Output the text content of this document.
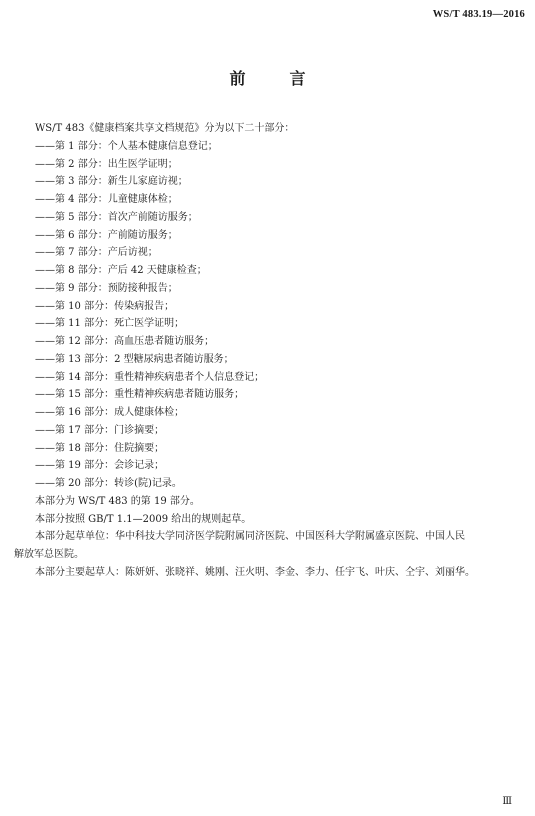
WS/T 483.19—2016
前　言
WS/T 483《健康档案共享文档规范》分为以下二十部分：
——第 1 部分：个人基本健康信息登记；
——第 2 部分：出生医学证明；
——第 3 部分：新生儿家庭访视；
——第 4 部分：儿童健康体检；
——第 5 部分：首次产前随访服务；
——第 6 部分：产前随访服务；
——第 7 部分：产后访视；
——第 8 部分：产后 42 天健康检查；
——第 9 部分：预防接种报告；
——第 10 部分：传染病报告；
——第 11 部分：死亡医学证明；
——第 12 部分：高血压患者随访服务；
——第 13 部分：2 型糖尿病患者随访服务；
——第 14 部分：重性精神疾病患者个人信息登记；
——第 15 部分：重性精神疾病患者随访服务；
——第 16 部分：成人健康体检；
——第 17 部分：门诊摘要；
——第 18 部分：住院摘要；
——第 19 部分：会诊记录；
——第 20 部分：转诊(院)记录。
本部分为 WS/T 483 的第 19 部分。
本部分按照 GB/T 1.1—2009 给出的规则起草。
本部分起草单位：华中科技大学同济医学院附属同济医院、中国医科大学附属盛京医院、中国人民
解放军总医院。
本部分主要起草人：陈妍妍、张晓祥、姚刚、汪火明、李金、李力、任宇飞、叶庆、仝宇、刘丽华。
Ⅲ
